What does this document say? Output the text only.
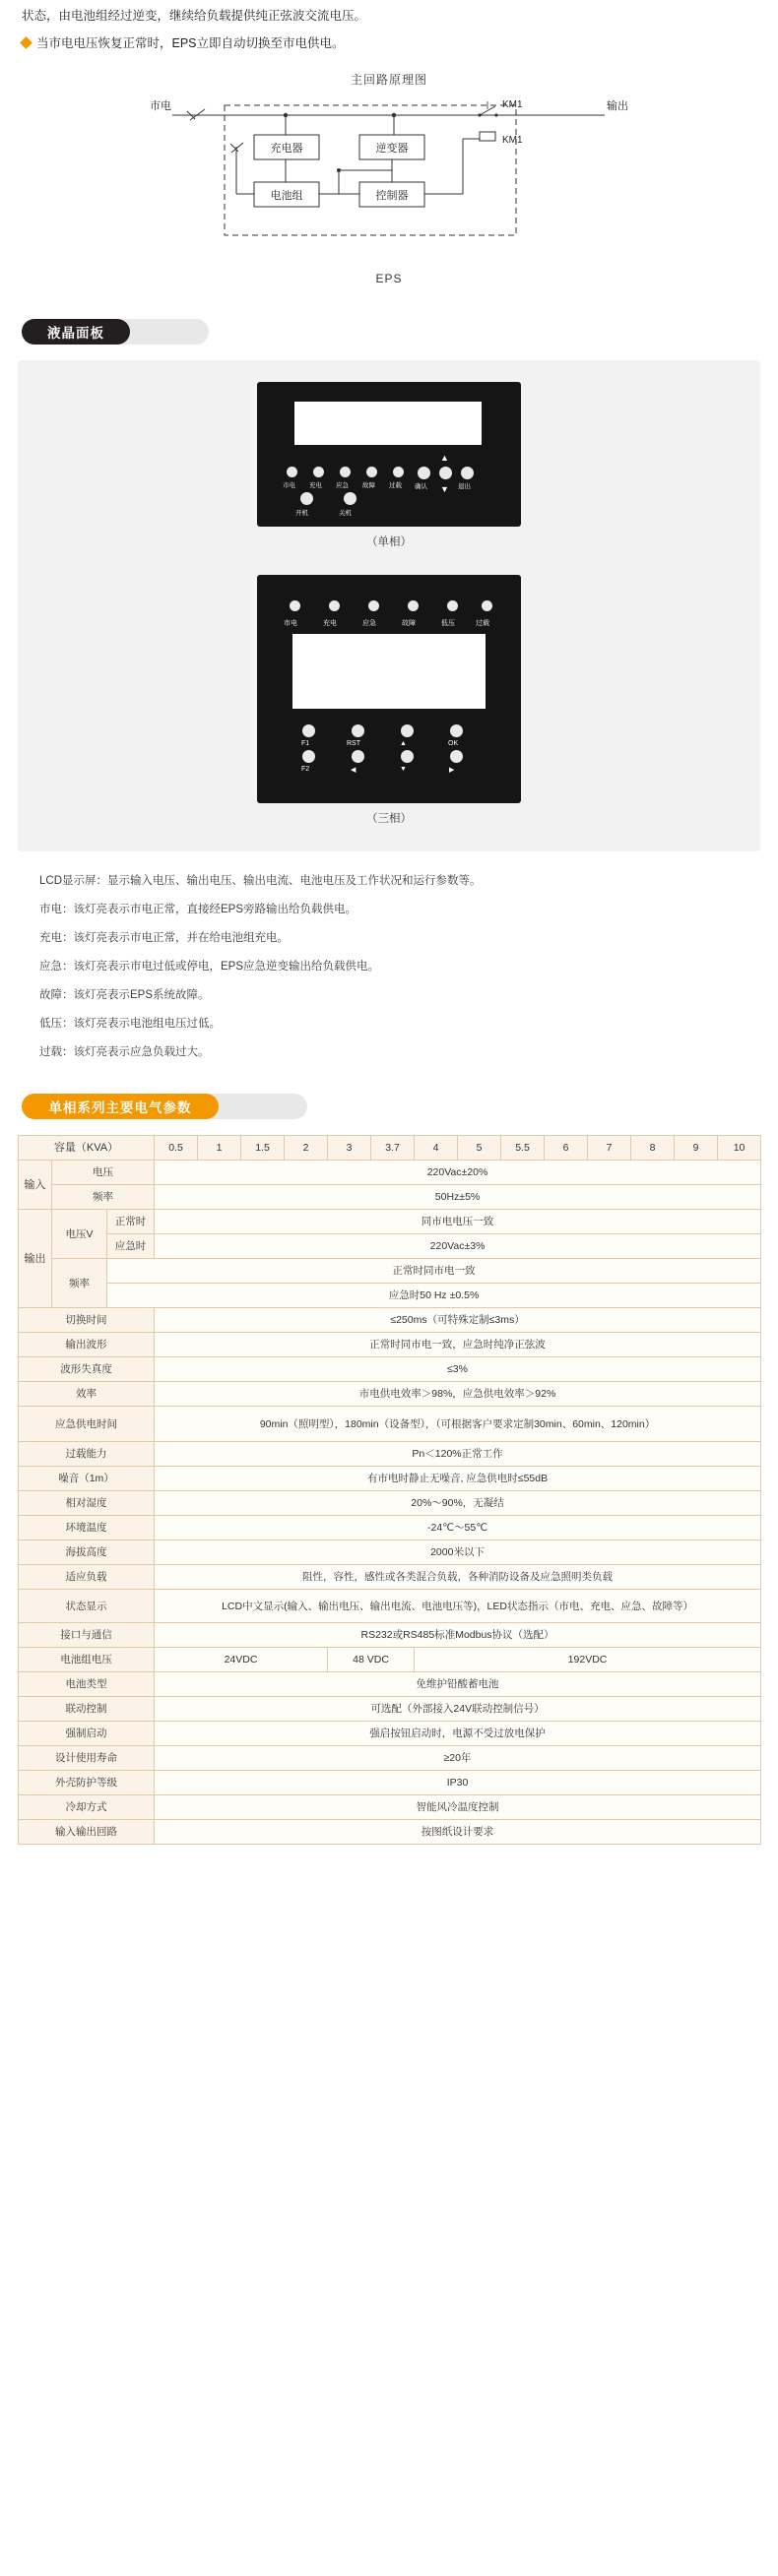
状态，由电池组经过逆变，继续给负载提供纯正弦波交流电压。
当市电电压恢复正常时，EPS立即自动切换至市电供电。
主回路原理图
市电	输出
充电器	逆变器
电池组	控制器
KM1
KM1
EPS
液晶面板
市电 充电 应急 故障 过载
开机	关机
▲
▼
确认	退出
（单相）
市电	充电	应急	故障	低压	过载
F1	RST	▲	OK
F2	◀	▼	▶
（三相）

LCD显示屏：显示输入电压、输出电压、输出电流、电池电压及工作状况和运行参数等。

市电：该灯亮表示市电正常，直接经EPS旁路输出给负载供电。

充电：该灯亮表示市电正常，并在给电池组充电。

应急：该灯亮表示市电过低或停电，EPS应急逆变输出给负载供电。

故障：该灯亮表示EPS系统故障。

低压：该灯亮表示电池组电压过低。

过载：该灯亮表示应急负载过大。

单相系列主要电气参数
容量（KVA）			0.5	1	1.5	2	3	3.7	4	5	5.5	6	7	8	9	10
输入	电压		220Vac±20%													
	频率		50Hz±5%													
输出	电压V	正常时	同市电电压一致													
		应急时	220Vac±3%													
	频率	正常时同市电一致														
		应急时50 Hz ±0.5%														
切换时间			≤250ms（可特殊定制≤3ms）													
输出波形			正常时同市电一致，应急时纯净正弦波													
波形失真度			≤3%													
效率			市电供电效率＞98%，应急供电效率＞92%													
应急供电时间			90min（照明型），180min（设备型），（可根据客户要求定制30min、60min、120min）													
过载能力			Pn＜120%正常工作													
噪音（1m）			有市电时静止无噪音, 应急供电时≤55dB													
相对湿度			20%～90%，无凝结													
环境温度			-24℃～55℃													
海拔高度			2000米以下													
适应负载			阻性，容性，感性或各类混合负载，各种消防设备及应急照明类负载													
状态显示			LCD中文显示(输入、输出电压、输出电流、电池电压等)，LED状态指示（市电、充电、应急、故障等）													
接口与通信			RS232或RS485标准Modbus协议（选配）													
电池组电压			24VDC				48 VDC		192VDC							
电池类型			免维护铅酸蓄电池													
联动控制			可选配（外部接入24V联动控制信号）													
强制启动			强启按钮启动时，电源不受过放电保护													
设计使用寿命			≥20年													
外壳防护等级			IP30													
冷却方式			智能风冷温度控制													
输入输出回路			按图纸设计要求													
